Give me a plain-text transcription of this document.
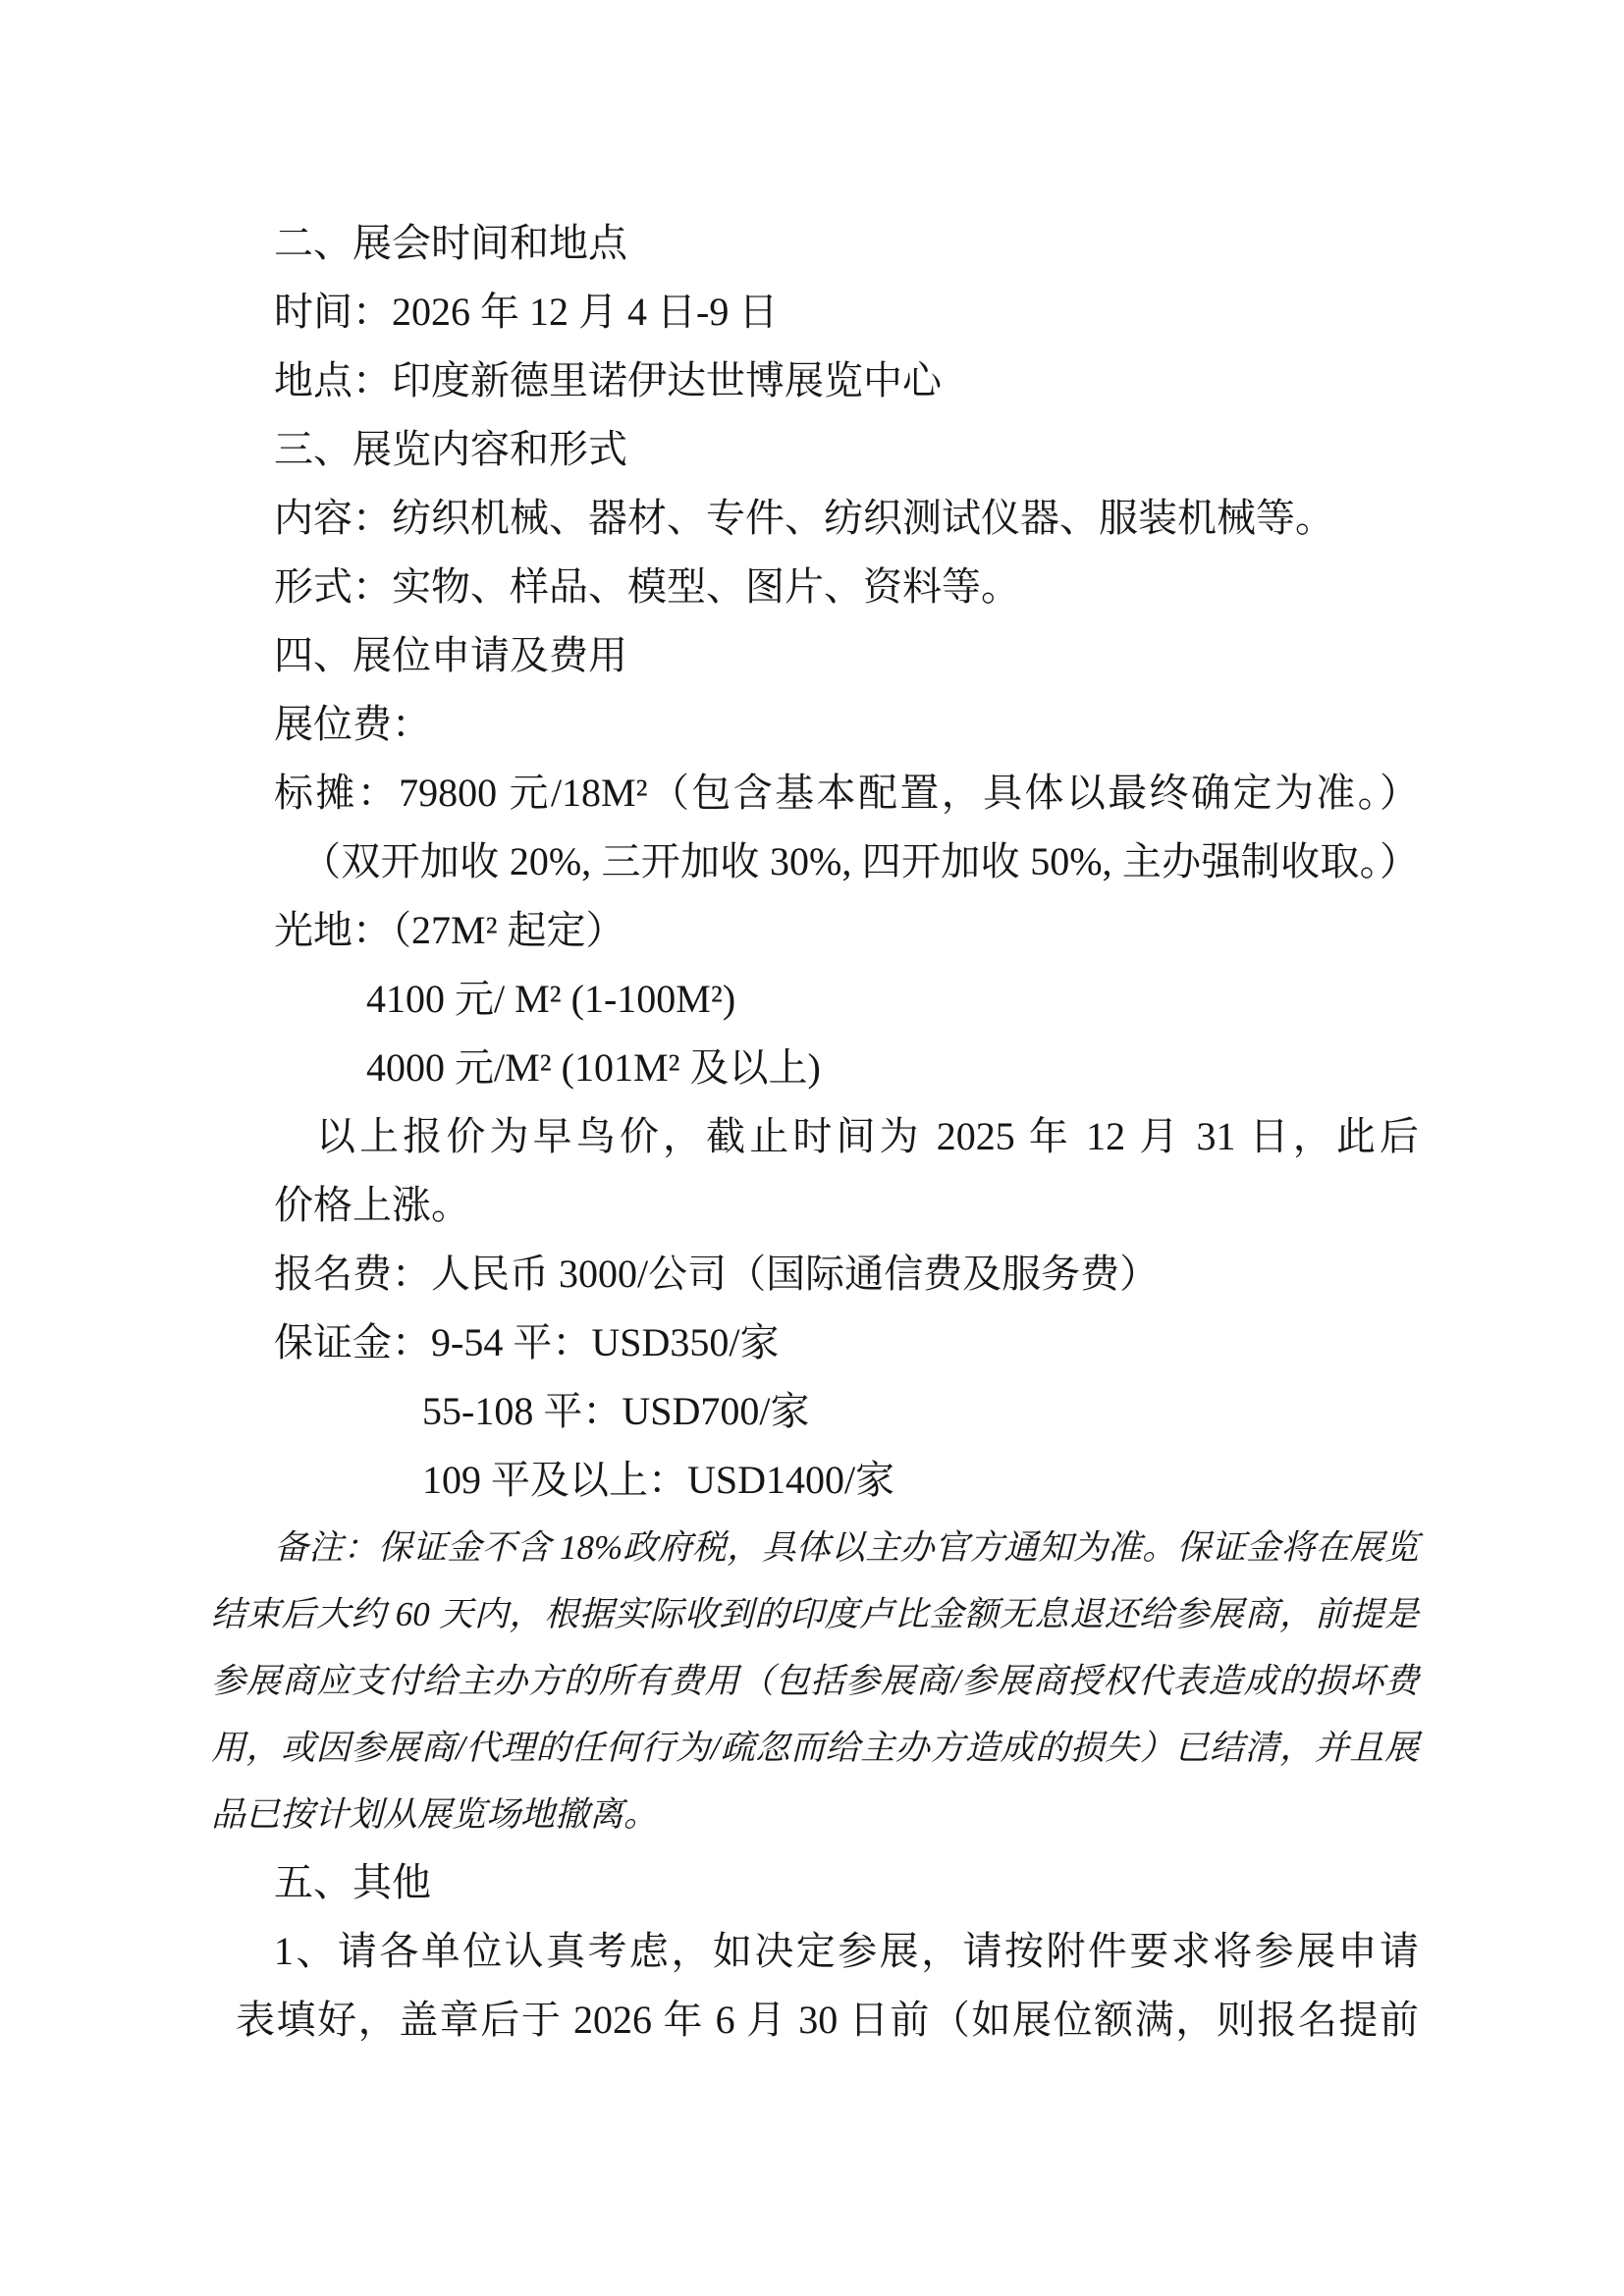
二、展会时间和地点
时间：2026 年 12 月 4 日-9 日
地点：印度新德里诺伊达世博展览中心
三、展览内容和形式
内容：纺织机械、器材、专件、纺织测试仪器、服装机械等。
形式：实物、样品、模型、图片、资料等。
四、展位申请及费用
展位费：
标摊：79800 元/18M²（包含基本配置，具体以最终确定为准。）
（双开加收 20%, 三开加收 30%, 四开加收 50%, 主办强制收取。）
光地：（27M² 起定）
4100 元/ M² (1-100M²)
4000 元/M² (101M² 及以上)
以上报价为早鸟价，截止时间为 2025 年 12 月 31 日，此后
价格上涨。
报名费：人民币 3000/公司（国际通信费及服务费）
保证金：9-54 平：USD350/家
55-108 平：USD700/家
109 平及以上：USD1400/家
备注：保证金不含 18%政府税，具体以主办官方通知为准。保证金将在展览
结束后大约 60 天内，根据实际收到的印度卢比金额无息退还给参展商，前提是
参展商应支付给主办方的所有费用（包括参展商/参展商授权代表造成的损坏费
用，或因参展商/代理的任何行为/疏忽而给主办方造成的损失）已结清，并且展
品已按计划从展览场地撤离。
五、其他
1、请各单位认真考虑，如决定参展，请按附件要求将参展申请
表填好，盖章后于 2026 年 6 月 30 日前（如展位额满，则报名提前
